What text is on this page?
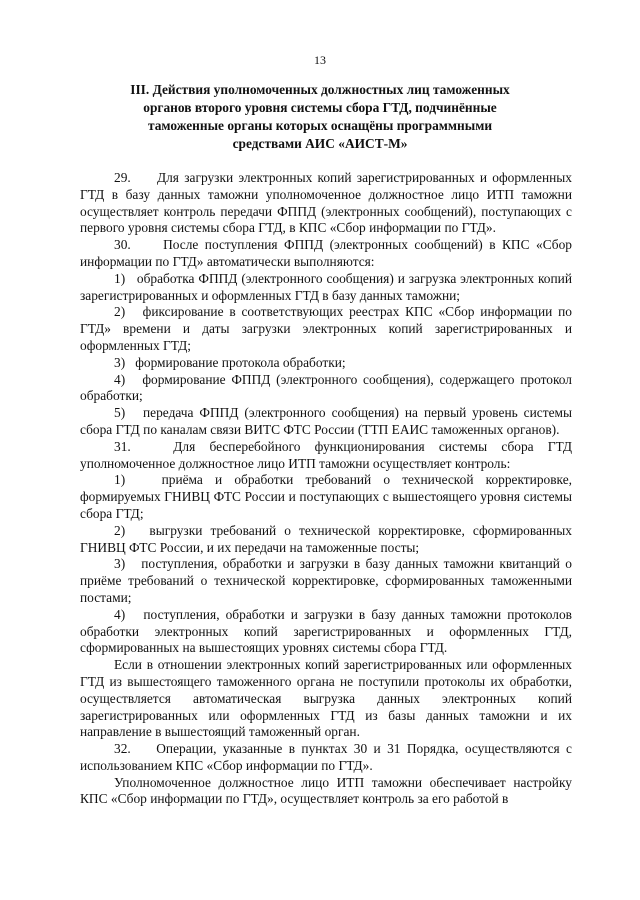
13
III. Действия уполномоченных должностных лиц таможенных
органов второго уровня системы сбора ГТД, подчинённые
таможенные органы которых оснащёны программными
средствами АИС «АИСТ-М»

29.     Для загрузки электронных копий зарегистрированных и оформленных ГТД в базу данных таможни уполномоченное должностное лицо ИТП таможни осуществляет контроль передачи ФППД (электронных сообщений), поступающих с первого уровня системы сбора ГТД, в КПС «Сбор информации по ГТД».

30.     После поступления ФППД (электронных сообщений) в КПС «Сбор информации по ГТД» автоматически выполняются:

1)   обработка ФППД (электронного сообщения) и загрузка электронных копий зарегистрированных и оформленных ГТД в базу данных таможни;

2)   фиксирование в соответствующих реестрах КПС «Сбор информации по ГТД» времени и даты загрузки электронных копий зарегистрированных и оформленных ГТД;

3)   формирование протокола обработки;

4)   формирование ФППД (электронного сообщения), содержащего протокол обработки;

5)   передача ФППД (электронного сообщения) на первый уровень системы сбора ГТД по каналам связи ВИТС ФТС России (ТТП ЕАИС таможенных органов).

31.   Для бесперебойного функционирования системы сбора ГТД уполномоченное должностное лицо ИТП таможни осуществляет контроль:

1)   приёма и обработки требований о технической корректировке, формируемых ГНИВЦ ФТС России и поступающих с вышестоящего уровня системы сбора ГТД;

2)   выгрузки требований о технической корректировке, сформированных ГНИВЦ ФТС России, и их передачи на таможенные посты;

3)   поступления, обработки и загрузки в базу данных таможни квитанций о приёме требований о технической корректировке, сформированных таможенными постами;

4)   поступления, обработки и загрузки в базу данных таможни протоколов обработки электронных копий зарегистрированных и оформленных ГТД, сформированных на вышестоящих уровнях системы сбора ГТД.

Если в отношении электронных копий зарегистрированных или оформленных ГТД из вышестоящего таможенного органа не поступили протоколы их обработки, осуществляется автоматическая выгрузка данных электронных копий зарегистрированных или оформленных ГТД из базы данных таможни и их направление в вышестоящий таможенный орган.

32.    Операции, указанные в пунктах 30 и 31 Порядка, осуществляются с использованием КПС «Сбор информации по ГТД».

Уполномоченное должностное лицо ИТП таможни обеспечивает настройку КПС «Сбор информации по ГТД», осуществляет контроль за его работой в
